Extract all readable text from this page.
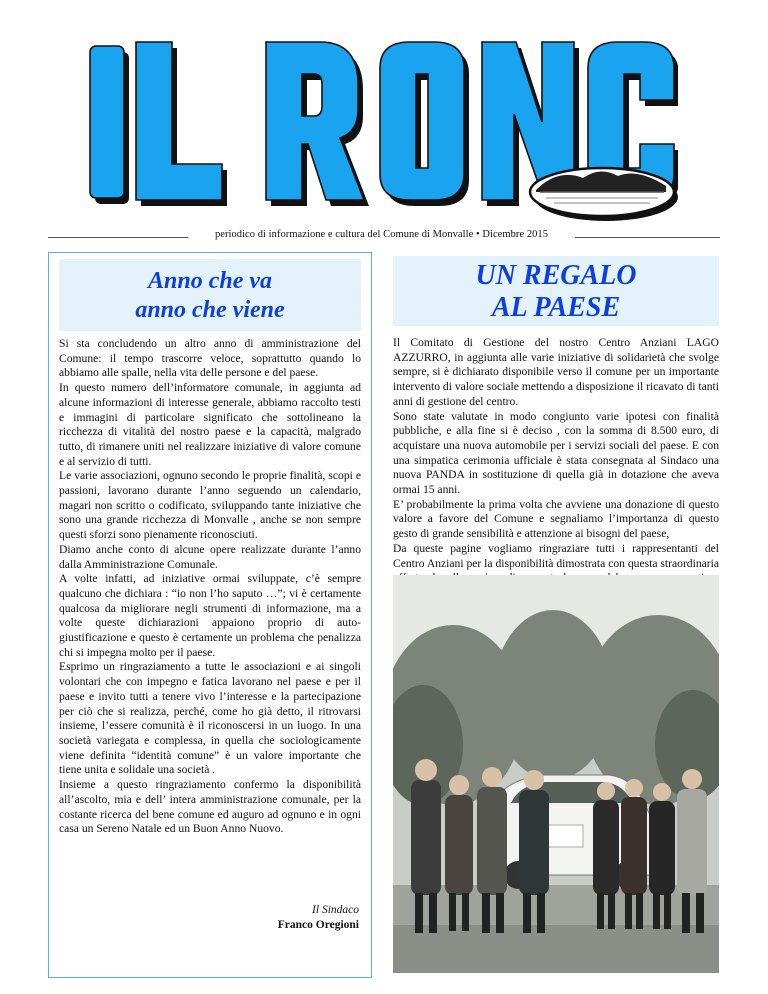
periodico di informazione e cultura del Comune di Monvalle • Dicembre 2015
Anno che va
anno che viene

Si sta concludendo un altro anno di amministrazione del Comune: il tempo trascorre veloce, soprattutto quando lo abbiamo alle spalle, nella vita delle persone e del paese.

In questo numero dell’informatore comunale, in aggiunta ad alcune informazioni di interesse generale, abbiamo raccolto testi e immagini di particolare significato che sottolineano la ricchezza di vitalità del nostro paese e la capacità, malgrado tutto, di rimanere uniti nel realizzare iniziative di valore comune e al servizio di tutti.

Le varie associazioni, ognuno secondo le proprie finalità, scopi e passioni, lavorano durante l’anno seguendo un calendario, magari non scritto o codificato, sviluppando tante iniziative che sono una grande ricchezza di Monvalle , anche se non sempre questi sforzi sono pienamente riconosciuti.

Diamo anche conto di alcune opere realizzate durante l’anno dalla Amministrazione Comunale.

A volte infatti, ad iniziative ormai sviluppate, c’è sempre qualcuno che dichiara : “io non l’ho saputo …”; vi è certamente qualcosa da migliorare negli strumenti di informazione, ma a volte queste dichiarazioni appaiono proprio di auto-giustificazione e questo è certamente un problema che penalizza chi si impegna molto per il paese.

Esprimo un ringraziamento a tutte le associazioni e ai singoli volontari che con impegno e fatica lavorano nel paese e per il paese e invito tutti a tenere vivo l’interesse e la partecipazione per ciò che si realizza, perché, come ho già detto, il ritrovarsi insieme, l’essere comunità è il riconoscersi in un luogo. In una società variegata e complessa, in quella che sociologicamente viene definita “identità comune” è un valore importante che tiene unita e solidale una società .

Insieme a questo ringraziamento confermo la disponibilità all’ascolto, mia e dell’ intera amministrazione comunale, per la costante ricerca del bene comune ed auguro ad ognuno e in ogni casa un Sereno Natale ed un Buon Anno Nuovo.

Il Sindaco
Franco Oregioni
UN REGALO
AL PAESE

Il Comitato di Gestione del nostro Centro Anziani LAGO AZZURRO, in aggiunta alle varie iniziative di solidarietà che svolge sempre, si è dichiarato disponibile verso il comune per un importante intervento di valore sociale mettendo a disposizione il ricavato di tanti anni di gestione del centro.

Sono state valutate in modo congiunto varie ipotesi con finalità pubbliche, e alla fine si è deciso , con la somma di 8.500 euro, di acquistare una nuova automobile per i servizi sociali del paese. E con una simpatica cerimonia ufficiale è stata consegnata al Sindaco una nuova PANDA in sostituzione di quella già in dotazione che aveva ormai 15 anni.

E’ probabilmente la prima volta che avviene una donazione di questo valore a favore del Comune e segnaliamo l’importanza di questo gesto di grande sensibilità e attenzione ai bisogni del paese,

Da queste pagine vogliamo ringraziare tutti i rappresentanti del Centro Anziani per la disponibilità dimostrata con questa straordinaria
